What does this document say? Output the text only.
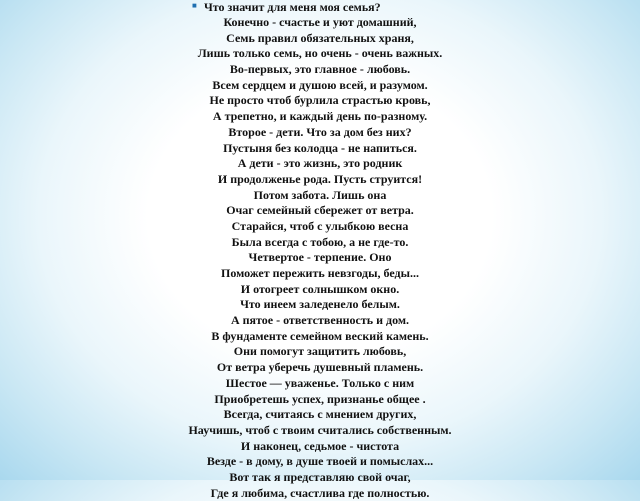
■ Что значит для меня моя семья?
Конечно - счастье и уют домашний,
Семь правил обязательных храня,
Лишь только семь, но очень - очень важных.
Во-первых, это главное - любовь.
Всем сердцем и душою всей, и разумом.
Не просто чтоб бурлила страстью кровь,
А трепетно, и каждый день по-разному.
Второе - дети. Что за дом без них?
Пустыня без колодца - не напиться.
А дети - это жизнь, это родник
И продолженье рода. Пусть струится!
Потом забота. Лишь она
Очаг семейный сбережет от ветра.
Старайся, чтоб с улыбкою весна
Была всегда с тобою, а не где-то.
Четвертое - терпение. Оно
Поможет пережить невзгоды, беды...
И отогреет солнышком окно.
Что инеем заледенело белым.
А пятое - ответственность и дом.
В фундаменте семейном веский камень.
Они помогут защитить любовь,
От ветра уберечь душевный пламень.
Шестое — уваженье. Только с ним
Приобретешь успех, признанье общее .
Всегда, считаясь с мнением других,
Научишь, чтоб с твоим считались собственным.
И наконец, седьмое - чистота
Везде - в дому, в душе твоей и помыслах...
Вот так я представляю свой очаг,
Где я любима, счастлива где полностью.
